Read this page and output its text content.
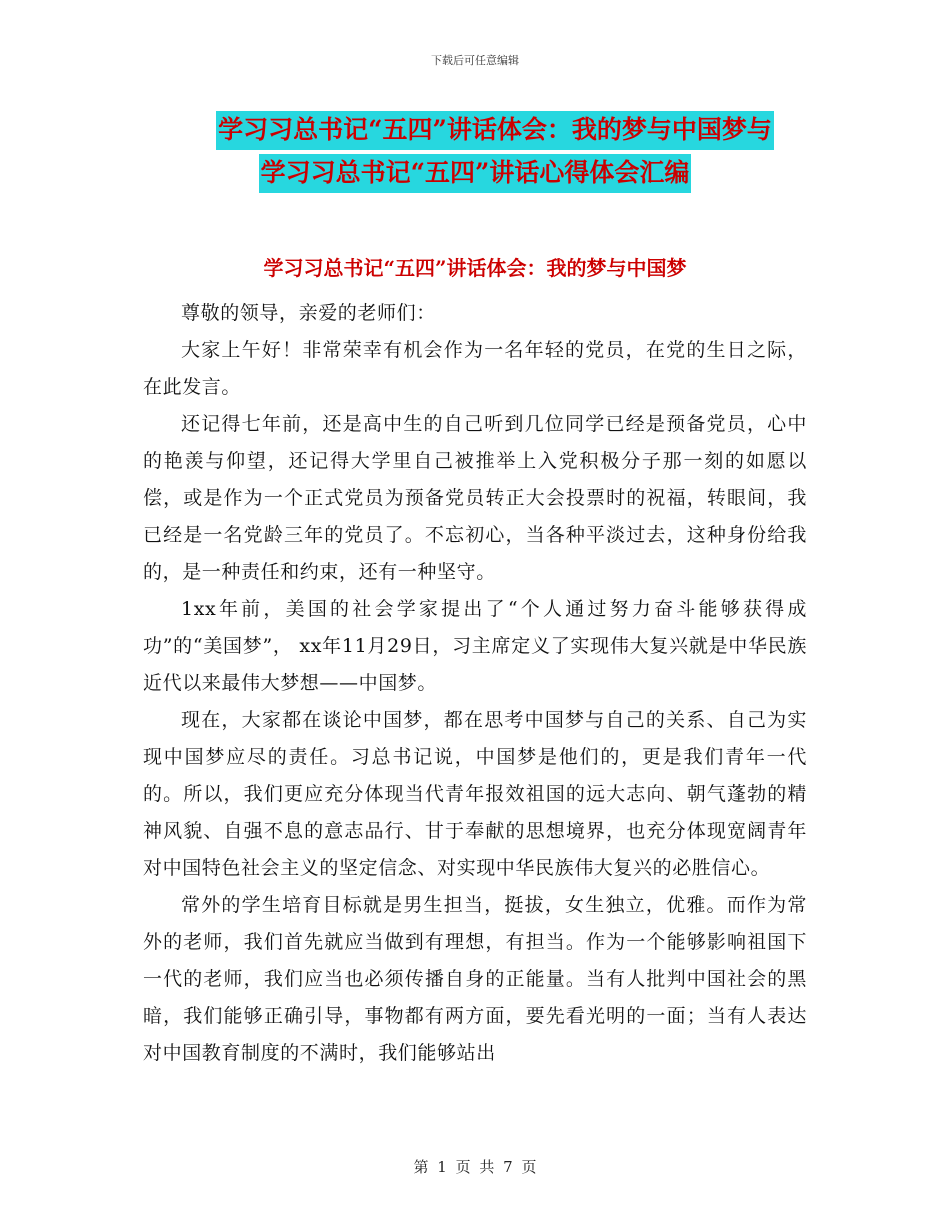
下载后可任意编辑
学习习总书记“五四”讲话体会：我的梦与中国梦与
学习习总书记“五四”讲话心得体会汇编
学习习总书记“五四”讲话体会：我的梦与中国梦

尊敬的领导，亲爱的老师们：

大家上午好！非常荣幸有机会作为一名年轻的党员，在党的生日之际，在此发言。

还记得七年前，还是高中生的自己听到几位同学已经是预备党员，心中的艳羡与仰望，还记得大学里自己被推举上入党积极分子那一刻的如愿以偿，或是作为一个正式党员为预备党员转正大会投票时的祝福，转眼间，我已经是一名党龄三年的党员了。不忘初心，当各种平淡过去，这种身份给我的，是一种责任和约束，还有一种坚守。

1xx年前，美国的社会学家提出了“个人通过努力奋斗能够获得成功”的“美国梦”， xx年11月29日，习主席定义了实现伟大复兴就是中华民族近代以来最伟大梦想——中国梦。

现在，大家都在谈论中国梦，都在思考中国梦与自己的关系、自己为实现中国梦应尽的责任。习总书记说，中国梦是他们的，更是我们青年一代的。所以，我们更应充分体现当代青年报效祖国的远大志向、朝气蓬勃的精神风貌、自强不息的意志品行、甘于奉献的思想境界，也充分体现宽阔青年对中国特色社会主义的坚定信念、对实现中华民族伟大复兴的必胜信心。

常外的学生培育目标就是男生担当，挺拔，女生独立，优雅。而作为常外的老师，我们首先就应当做到有理想，有担当。作为一个能够影响祖国下一代的老师，我们应当也必须传播自身的正能量。当有人批判中国社会的黑暗，我们能够正确引导，事物都有两方面，要先看光明的一面；当有人表达对中国教育制度的不满时，我们能够站出

第 1 页 共 7 页
